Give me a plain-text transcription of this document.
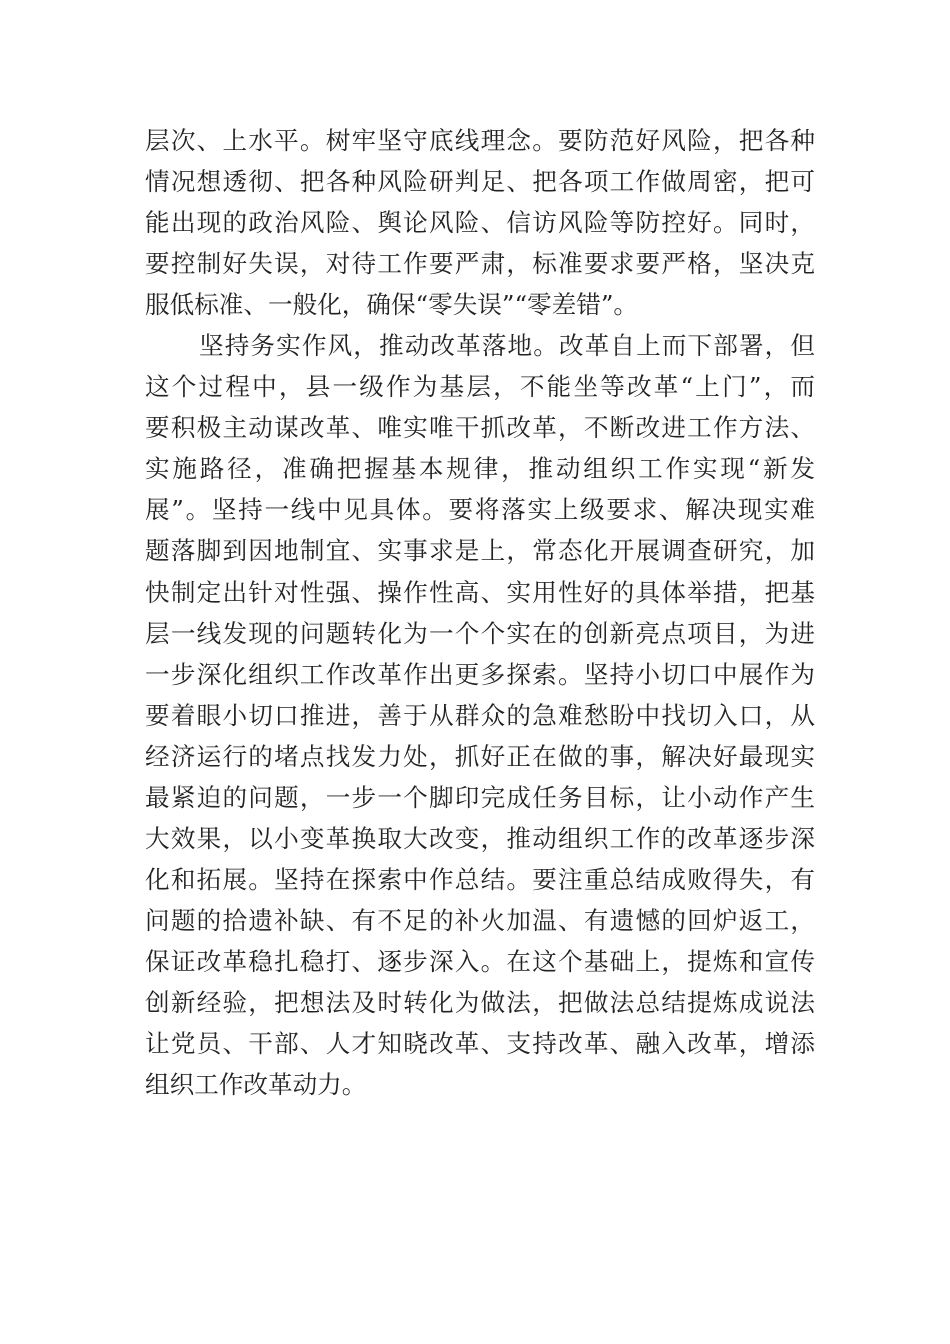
层次、上水平。树牢坚守底线理念。要防范好风险，把各种
情况想透彻、把各种风险研判足、把各项工作做周密，把可
能出现的政治风险、舆论风险、信访风险等防控好。同时，
要控制好失误，对待工作要严肃，标准要求要严格，坚决克
服低标准、一般化，确保“零失误”“零差错”。
坚持务实作风，推动改革落地。改革自上而下部署，但
这个过程中，县一级作为基层，不能坐等改革“上门”，而
要积极主动谋改革、唯实唯干抓改革，不断改进工作方法、
实施路径，准确把握基本规律，推动组织工作实现“新发
展”。坚持一线中见具体。要将落实上级要求、解决现实难
题落脚到因地制宜、实事求是上，常态化开展调查研究，加
快制定出针对性强、操作性高、实用性好的具体举措，把基
层一线发现的问题转化为一个个实在的创新亮点项目，为进
一步深化组织工作改革作出更多探索。坚持小切口中展作为
要着眼小切口推进，善于从群众的急难愁盼中找切入口，从
经济运行的堵点找发力处，抓好正在做的事，解决好最现实
最紧迫的问题，一步一个脚印完成任务目标，让小动作产生
大效果，以小变革换取大改变，推动组织工作的改革逐步深
化和拓展。坚持在探索中作总结。要注重总结成败得失，有
问题的拾遗补缺、有不足的补火加温、有遗憾的回炉返工，
保证改革稳扎稳打、逐步深入。在这个基础上，提炼和宣传
创新经验，把想法及时转化为做法，把做法总结提炼成说法
让党员、干部、人才知晓改革、支持改革、融入改革，增添
组织工作改革动力。
